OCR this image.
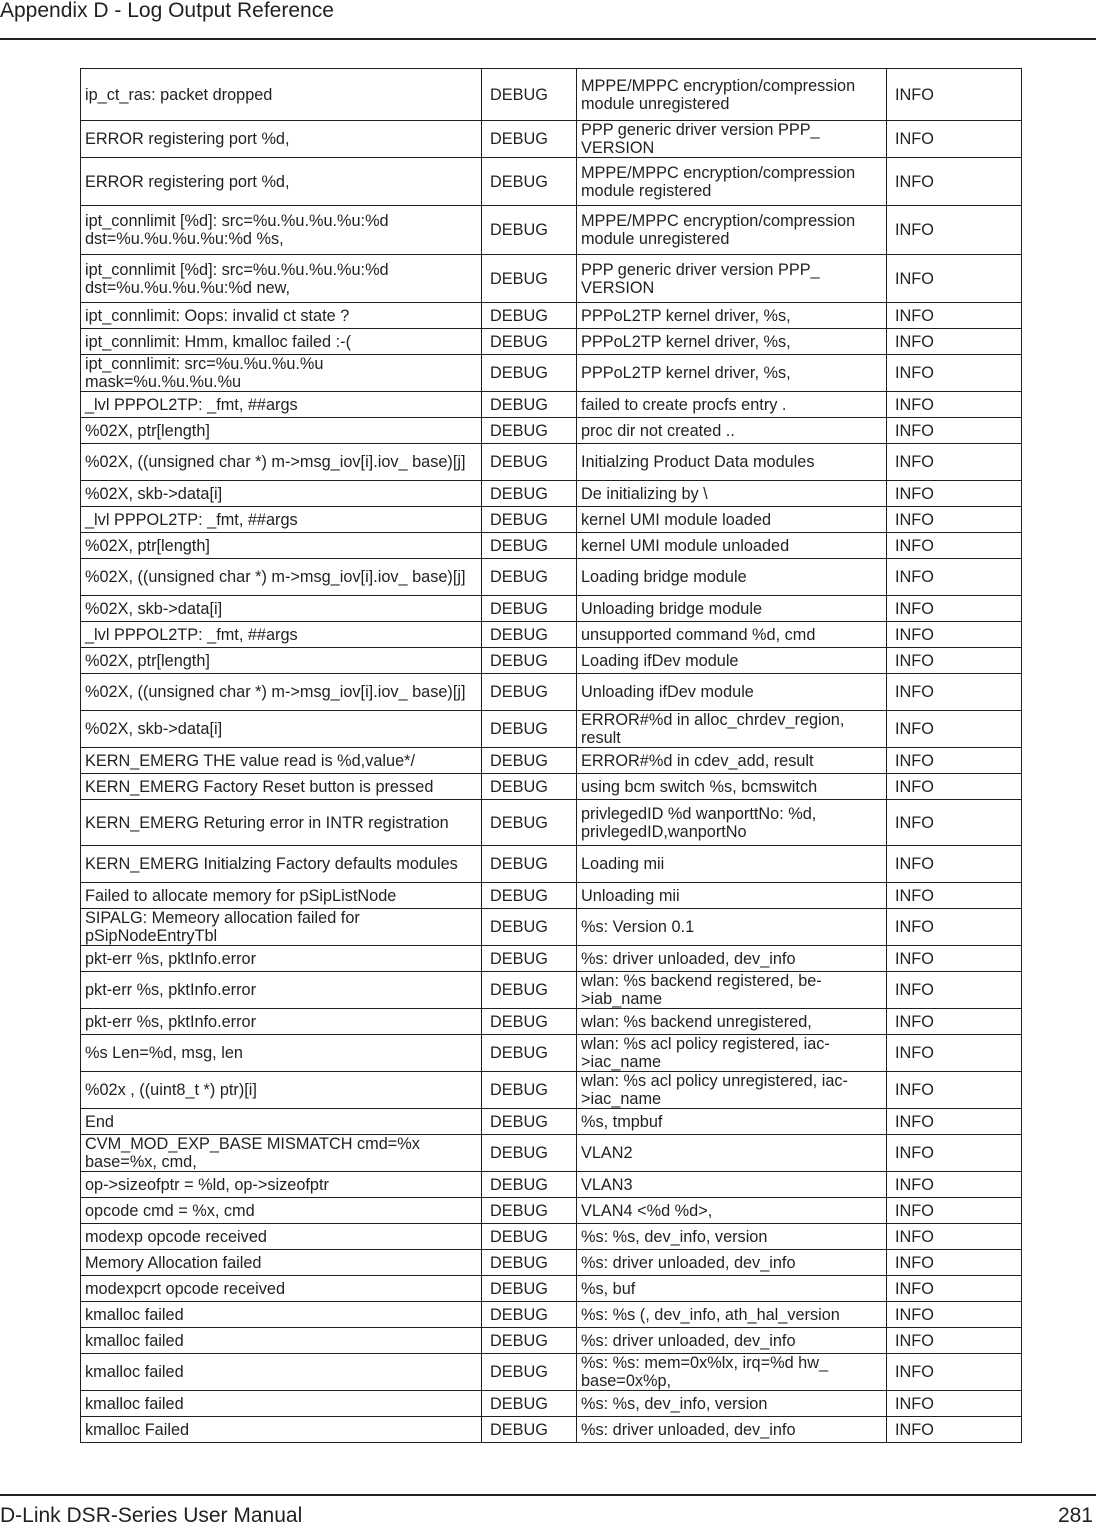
Appendix D - Log Output Reference
ip_ct_ras: packet dropped	DEBUG	MPPE/MPPC encryption/compression module unregistered	INFO
ERROR registering port %d,	DEBUG	PPP generic driver version PPP_ VERSION	INFO
ERROR registering port %d,	DEBUG	MPPE/MPPC encryption/compression module registered	INFO
ipt_connlimit [%d]: src=%u.%u.%u.%u:%d dst=%u.%u.%u.%u:%d %s,	DEBUG	MPPE/MPPC encryption/compression module unregistered	INFO
ipt_connlimit [%d]: src=%u.%u.%u.%u:%d dst=%u.%u.%u.%u:%d new,	DEBUG	PPP generic driver version PPP_ VERSION	INFO
ipt_connlimit: Oops: invalid ct state ?	DEBUG	PPPoL2TP kernel driver, %s,	INFO
ipt_connlimit: Hmm, kmalloc failed :-(	DEBUG	PPPoL2TP kernel driver, %s,	INFO
ipt_connlimit: src=%u.%u.%u.%u mask=%u.%u.%u.%u	DEBUG	PPPoL2TP kernel driver, %s,	INFO
_lvl PPPOL2TP: _fmt, ##args	DEBUG	failed to create procfs entry .	INFO
%02X, ptr[length]	DEBUG	proc dir not created ..	INFO
%02X, ((unsigned char *) m->msg_iov[i].iov_ base)[j]	DEBUG	Initialzing Product Data modules	INFO
%02X, skb->data[i]	DEBUG	De initializing by \	INFO
_lvl PPPOL2TP: _fmt, ##args	DEBUG	kernel UMI module loaded	INFO
%02X, ptr[length]	DEBUG	kernel UMI module unloaded	INFO
%02X, ((unsigned char *) m->msg_iov[i].iov_ base)[j]	DEBUG	Loading bridge module	INFO
%02X, skb->data[i]	DEBUG	Unloading bridge module	INFO
_lvl PPPOL2TP: _fmt, ##args	DEBUG	unsupported command %d, cmd	INFO
%02X, ptr[length]	DEBUG	Loading ifDev module	INFO
%02X, ((unsigned char *) m->msg_iov[i].iov_ base)[j]	DEBUG	Unloading ifDev module	INFO
%02X, skb->data[i]	DEBUG	ERROR#%d in alloc_chrdev_region, result	INFO
KERN_EMERG THE value read is %d,value*/	DEBUG	ERROR#%d in cdev_add, result	INFO
KERN_EMERG Factory Reset button is pressed	DEBUG	using bcm switch %s, bcmswitch	INFO
KERN_EMERG Returing error in INTR registration	DEBUG	privlegedID %d wanporttNo: %d, privlegedID,wanportNo	INFO
KERN_EMERG Initialzing Factory defaults modules	DEBUG	Loading mii	INFO
Failed to allocate memory for pSipListNode	DEBUG	Unloading mii	INFO
SIPALG: Memeory allocation failed for pSipNodeEntryTbl	DEBUG	%s: Version 0.1	INFO
pkt-err %s, pktInfo.error	DEBUG	%s: driver unloaded, dev_info	INFO
pkt-err %s, pktInfo.error	DEBUG	wlan: %s backend registered, be->iab_name	INFO
pkt-err %s, pktInfo.error	DEBUG	wlan: %s backend unregistered,	INFO
%s Len=%d, msg, len	DEBUG	wlan: %s acl policy registered, iac->iac_name	INFO
%02x , ((uint8_t *) ptr)[i]	DEBUG	wlan: %s acl policy unregistered, iac->iac_name	INFO
End	DEBUG	%s, tmpbuf	INFO
CVM_MOD_EXP_BASE MISMATCH cmd=%x base=%x, cmd,	DEBUG	VLAN2	INFO
op->sizeofptr = %ld, op->sizeofptr	DEBUG	VLAN3	INFO
opcode cmd = %x, cmd	DEBUG	VLAN4 <%d %d>,	INFO
modexp opcode received	DEBUG	%s: %s, dev_info, version	INFO
Memory Allocation failed	DEBUG	%s: driver unloaded, dev_info	INFO
modexpcrt opcode received	DEBUG	%s, buf	INFO
kmalloc failed	DEBUG	%s: %s (, dev_info, ath_hal_version	INFO
kmalloc failed	DEBUG	%s: driver unloaded, dev_info	INFO
kmalloc failed	DEBUG	%s: %s: mem=0x%lx, irq=%d hw_ base=0x%p,	INFO
kmalloc failed	DEBUG	%s: %s, dev_info, version	INFO
kmalloc Failed	DEBUG	%s: driver unloaded, dev_info	INFO
D-Link DSR-Series User Manual	281
